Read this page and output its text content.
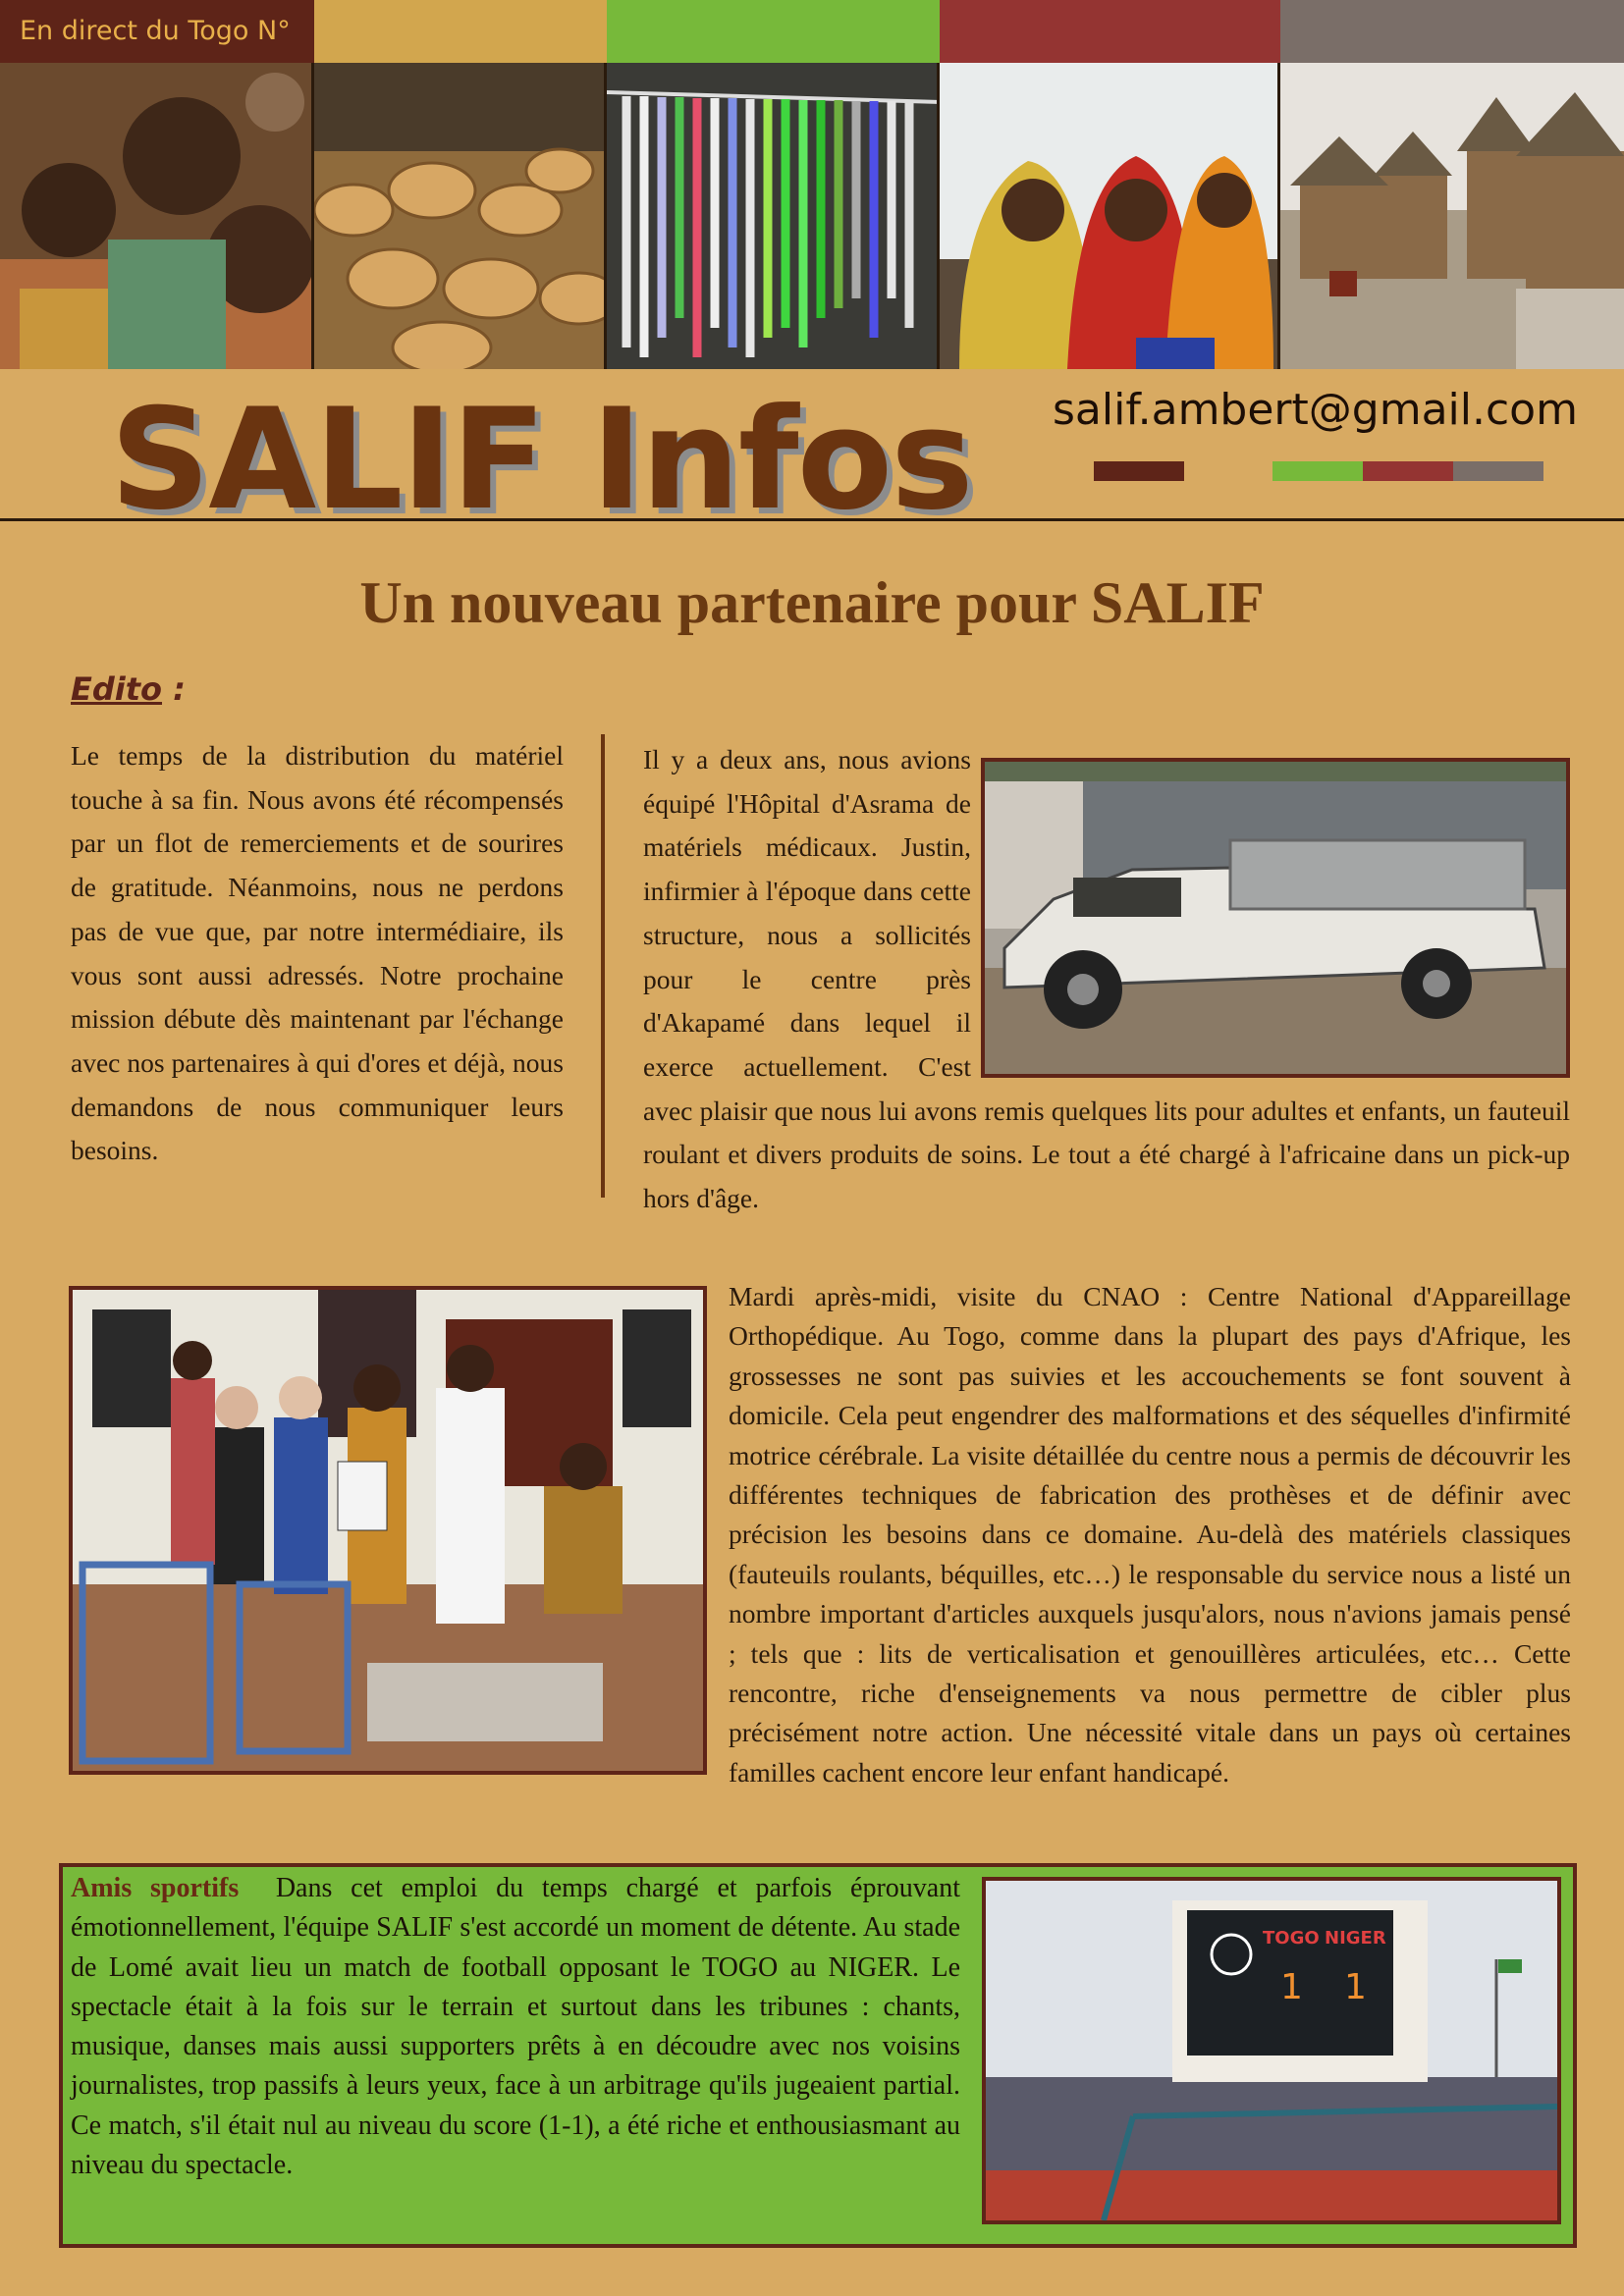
En direct du Togo N°
SALIF Infos salif.ambert@gmail.com
Un nouveau partenaire pour SALIF
Edito :
Le temps de la distribution du matériel touche à sa fin. Nous avons été récompensés par un flot de remerciements et de sourires de gratitude. Néanmoins, nous ne perdons pas de vue que, par notre intermédiaire, ils vous sont aussi adressés. Notre prochaine mission débute dès maintenant par l'échange avec nos partenaires à qui d'ores et déjà, nous demandons de nous communiquer leurs besoins.
Il y a deux ans, nous avions équipé l'Hôpital d'Asrama de matériels médicaux. Justin, infirmier à l'époque dans cette structure, nous a sollicités pour le centre près d'Akapamé dans lequel il exerce actuellement. C'est avec plaisir que nous lui avons remis quelques lits pour adultes et enfants, un fauteuil roulant et divers produits de soins. Le tout a été chargé à l'africaine dans un pick-up hors d'âge.
Mardi après-midi, visite du CNAO : Centre National d'Appareillage Orthopédique. Au Togo, comme dans la plupart des pays d'Afrique, les grossesses ne sont pas suivies et les accouchements se font souvent à domicile. Cela peut engendrer des malformations et des séquelles d'infirmité motrice cérébrale. La visite détaillée du centre nous a permis de découvrir les différentes techniques de fabrication des prothèses et de définir avec précision les besoins dans ce domaine. Au-delà des matériels classiques (fauteuils roulants, béquilles, etc…) le responsable du service nous a listé un nombre important d'articles auxquels jusqu'alors, nous n'avions jamais pensé ; tels que : lits de verticalisation et genouillères articulées, etc… Cette rencontre, riche d'enseignements va nous permettre de cibler plus précisément notre action. Une nécessité vitale dans un pays où certaines familles cachent encore leur enfant handicapé.
Amis sportifs Dans cet emploi du temps chargé et parfois éprouvant émotionnellement, l'équipe SALIF s'est accordé un moment de détente. Au stade de Lomé avait lieu un match de football opposant le TOGO au NIGER. Le spectacle était à la fois sur le terrain et surtout dans les tribunes : chants, musique, danses mais aussi supporters prêts à en découdre avec nos voisins journalistes, trop passifs à leurs yeux, face à un arbitrage qu'ils jugeaient partial. Ce match, s'il était nul au niveau du score (1-1), a été riche et enthousiasmant au niveau du spectacle.
TOGO NIGER
1 1
